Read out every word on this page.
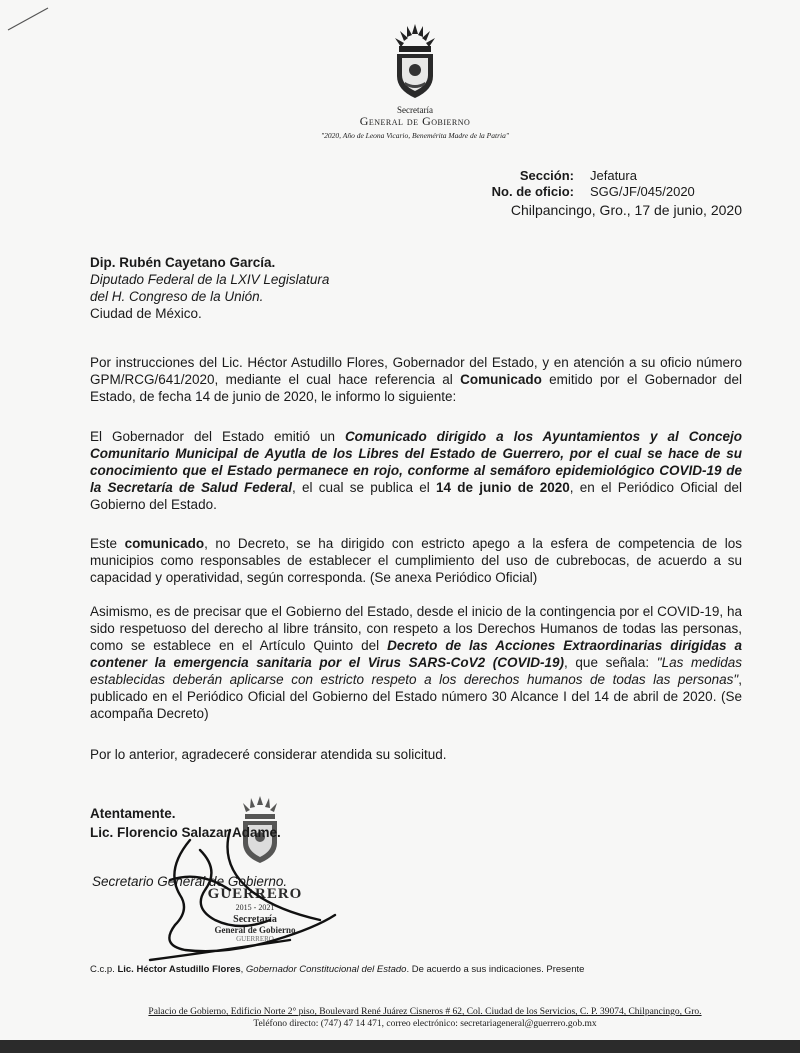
Secretaría
General de Gobierno
"2020, Año de Leona Vicario, Benemérita Madre de la Patria"
Sección:	Jefatura
No. de oficio:	SGG/JF/045/2020
Chilpancingo, Gro., 17 de junio, 2020
Dip. Rubén Cayetano García.
Diputado Federal de la LXIV Legislatura
del H. Congreso de la Unión.
Ciudad de México.

Por instrucciones del Lic. Héctor Astudillo Flores, Gobernador del Estado, y en atención a su oficio número GPM/RCG/641/2020, mediante el cual hace referencia al Comunicado emitido por el Gobernador del Estado, de fecha 14 de junio de 2020, le informo lo siguiente:

El Gobernador del Estado emitió un Comunicado dirigido a los Ayuntamientos y al Concejo Comunitario Municipal de Ayutla de los Libres del Estado de Guerrero, por el cual se hace de su conocimiento que el Estado permanece en rojo, conforme al semáforo epidemiológico COVID-19 de la Secretaría de Salud Federal, el cual se publica el 14 de junio de 2020, en el Periódico Oficial del Gobierno del Estado.

Este comunicado, no Decreto, se ha dirigido con estricto apego a la esfera de competencia de los municipios como responsables de establecer el cumplimiento del uso de cubrebocas, de acuerdo a su capacidad y operatividad, según corresponda. (Se anexa Periódico Oficial)

Asimismo, es de precisar que el Gobierno del Estado, desde el inicio de la contingencia por el COVID-19, ha sido respetuoso del derecho al libre tránsito, con respeto a los Derechos Humanos de todas las personas, como se establece en el Artículo Quinto del Decreto de las Acciones Extraordinarias dirigidas a contener la emergencia sanitaria por el Virus SARS-CoV2 (COVID-19), que señala: "Las medidas establecidas deberán aplicarse con estricto respeto a los derechos humanos de todas las personas", publicado en el Periódico Oficial del Gobierno del Estado número 30 Alcance I del 14 de abril de 2020. (Se acompaña Decreto)

Por lo anterior, agradeceré considerar atendida su solicitud.

GUERRERO
2015 - 2021
Secretaría
General de Gobierno
GUERRERO
Atentamente.
Lic. Florencio Salazar Adame.
Secretario General de Gobierno.
C.c.p. Lic. Héctor Astudillo Flores, Gobernador Constitucional del Estado. De acuerdo a sus indicaciones. Presente
Palacio de Gobierno, Edificio Norte 2° piso, Boulevard René Juárez Cisneros # 62, Col. Ciudad de los Servicios, C. P. 39074, Chilpancingo, Gro.
Teléfono directo: (747) 47 14 471, correo electrónico: secretariageneral@guerrero.gob.mx
